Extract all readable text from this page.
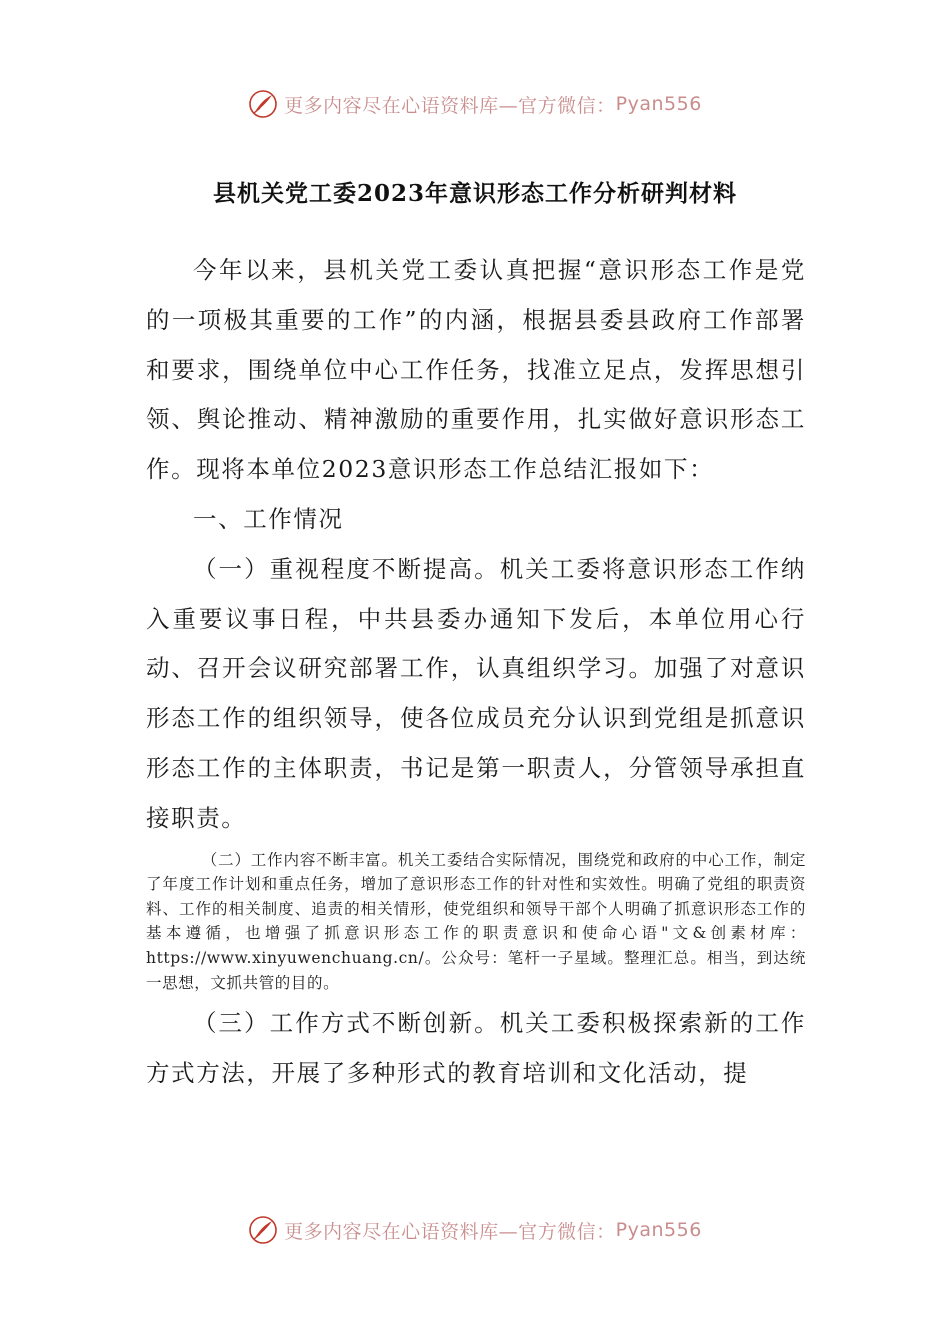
更多内容尽在心语资料库—官方微信： Pyan556
县机关党工委2023年意识形态工作分析研判材料

今年以来，县机关党工委认真把握“意识形态工作是党的一项极其重要的工作”的内涵，根据县委县政府工作部署和要求，围绕单位中心工作任务，找准立足点，发挥思想引领、舆论推动、精神激励的重要作用，扎实做好意识形态工作。现将本单位2023意识形态工作总结汇报如下：

一、工作情况

（一）重视程度不断提高。机关工委将意识形态工作纳入重要议事日程，中共县委办通知下发后，本单位用心行动、召开会议研究部署工作，认真组织学习。加强了对意识形态工作的组织领导，使各位成员充分认识到党组是抓意识形态工作的主体职责，书记是第一职责人，分管领导承担直接职责。

（二）工作内容不断丰富。机关工委结合实际情况，围绕党和政府的中心工作，制定了年度工作计划和重点任务，增加了意识形态工作的针对性和实效性。明确了党组的职责资料、工作的相关制度、追责的相关情形，使党组织和领导干部个人明确了抓意识形态工作的基本遵循，也增强了抓意识形态工作的职责意识和使命心语"文&创素材库：https://www.xinyuwenchuang.cn/。公众号：笔杆一子星域。整理汇总。相当，到达统一思想，文抓共管的目的。

（三）工作方式不断创新。机关工委积极探索新的工作方式方法，开展了多种形式的教育培训和文化活动，提

更多内容尽在心语资料库—官方微信： Pyan556
